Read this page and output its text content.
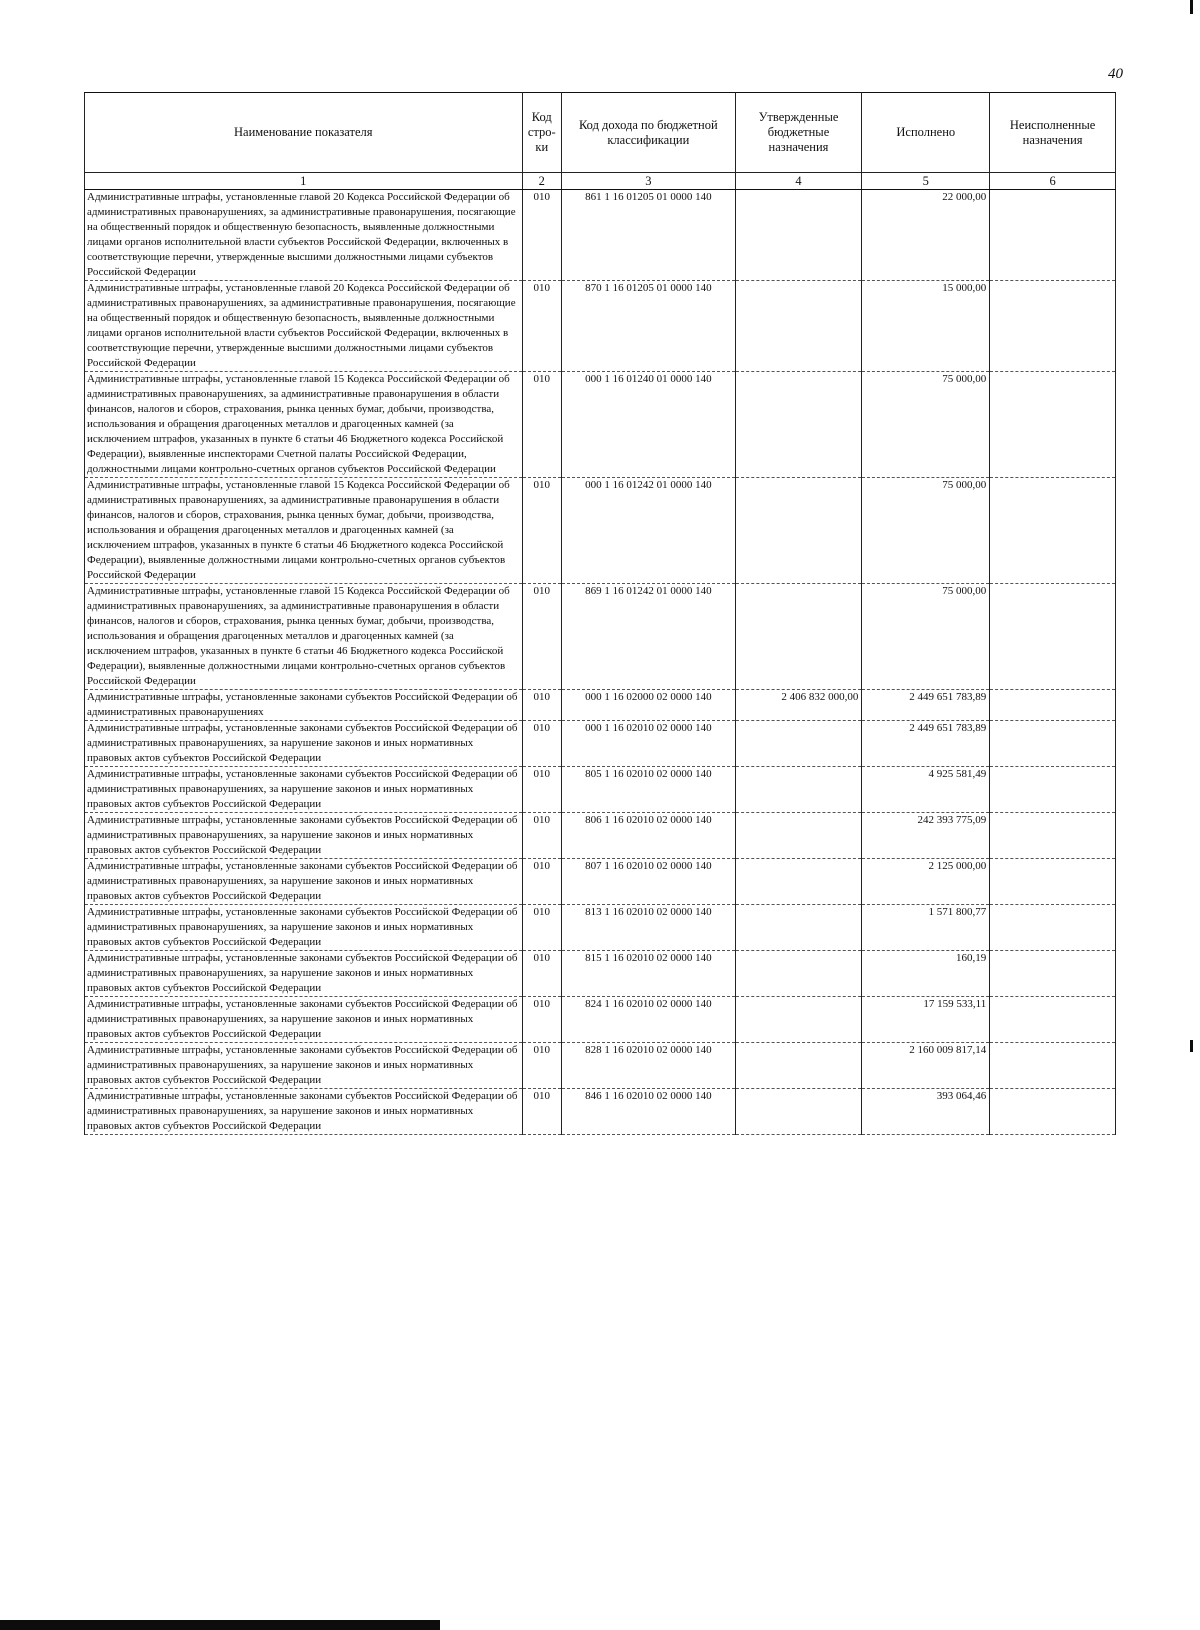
40
Наименование показателя	Код стро-ки	Код дохода по бюджетной классификации	Утвержденные бюджетные назначения	Исполнено	Неисполненные назначения
1	2	3	4	5	6
Административные штрафы, установленные главой 20 Кодекса Российской Федерации об административных правонарушениях, за административные правонарушения, посягающие на общественный порядок и общественную безопасность, выявленные должностными лицами органов исполнительной власти субъектов Российской Федерации, включенных в соответствующие перечни, утвержденные высшими должностными лицами субъектов Российской Федерации	010	861 1 16 01205 01 0000 140		22 000,00	
Административные штрафы, установленные главой 20 Кодекса Российской Федерации об административных правонарушениях, за административные правонарушения, посягающие на общественный порядок и общественную безопасность, выявленные должностными лицами органов исполнительной власти субъектов Российской Федерации, включенных в соответствующие перечни, утвержденные высшими должностными лицами субъектов Российской Федерации	010	870 1 16 01205 01 0000 140		15 000,00	
Административные штрафы, установленные главой 15 Кодекса Российской Федерации об административных правонарушениях, за административные правонарушения в области финансов, налогов и сборов, страхования, рынка ценных бумаг, добычи, производства, использования и обращения драгоценных металлов и драгоценных камней (за исключением штрафов, указанных в пункте 6 статьи 46 Бюджетного кодекса Российской Федерации), выявленные инспекторами Счетной палаты Российской Федерации, должностными лицами контрольно-счетных органов субъектов Российской Федерации	010	000 1 16 01240 01 0000 140		75 000,00	
Административные штрафы, установленные главой 15 Кодекса Российской Федерации об административных правонарушениях, за административные правонарушения в области финансов, налогов и сборов, страхования, рынка ценных бумаг, добычи, производства, использования и обращения драгоценных металлов и драгоценных камней (за исключением штрафов, указанных в пункте 6 статьи 46 Бюджетного кодекса Российской Федерации), выявленные должностными лицами контрольно-счетных органов субъектов Российской Федерации	010	000 1 16 01242 01 0000 140		75 000,00	
Административные штрафы, установленные главой 15 Кодекса Российской Федерации об административных правонарушениях, за административные правонарушения в области финансов, налогов и сборов, страхования, рынка ценных бумаг, добычи, производства, использования и обращения драгоценных металлов и драгоценных камней (за исключением штрафов, указанных в пункте 6 статьи 46 Бюджетного кодекса Российской Федерации), выявленные должностными лицами контрольно-счетных органов субъектов Российской Федерации	010	869 1 16 01242 01 0000 140		75 000,00	
Административные штрафы, установленные законами субъектов Российской Федерации об административных правонарушениях	010	000 1 16 02000 02 0000 140	2 406 832 000,00	2 449 651 783,89	
Административные штрафы, установленные законами субъектов Российской Федерации об административных правонарушениях, за нарушение законов и иных нормативных правовых актов субъектов Российской Федерации	010	000 1 16 02010 02 0000 140		2 449 651 783,89	
Административные штрафы, установленные законами субъектов Российской Федерации об административных правонарушениях, за нарушение законов и иных нормативных правовых актов субъектов Российской Федерации	010	805 1 16 02010 02 0000 140		4 925 581,49	
Административные штрафы, установленные законами субъектов Российской Федерации об административных правонарушениях, за нарушение законов и иных нормативных правовых актов субъектов Российской Федерации	010	806 1 16 02010 02 0000 140		242 393 775,09	
Административные штрафы, установленные законами субъектов Российской Федерации об административных правонарушениях, за нарушение законов и иных нормативных правовых актов субъектов Российской Федерации	010	807 1 16 02010 02 0000 140		2 125 000,00	
Административные штрафы, установленные законами субъектов Российской Федерации об административных правонарушениях, за нарушение законов и иных нормативных правовых актов субъектов Российской Федерации	010	813 1 16 02010 02 0000 140		1 571 800,77	
Административные штрафы, установленные законами субъектов Российской Федерации об административных правонарушениях, за нарушение законов и иных нормативных правовых актов субъектов Российской Федерации	010	815 1 16 02010 02 0000 140		160,19	
Административные штрафы, установленные законами субъектов Российской Федерации об административных правонарушениях, за нарушение законов и иных нормативных правовых актов субъектов Российской Федерации	010	824 1 16 02010 02 0000 140		17 159 533,11	
Административные штрафы, установленные законами субъектов Российской Федерации об административных правонарушениях, за нарушение законов и иных нормативных правовых актов субъектов Российской Федерации	010	828 1 16 02010 02 0000 140		2 160 009 817,14	
Административные штрафы, установленные законами субъектов Российской Федерации об административных правонарушениях, за нарушение законов и иных нормативных правовых актов субъектов Российской Федерации	010	846 1 16 02010 02 0000 140		393 064,46	
